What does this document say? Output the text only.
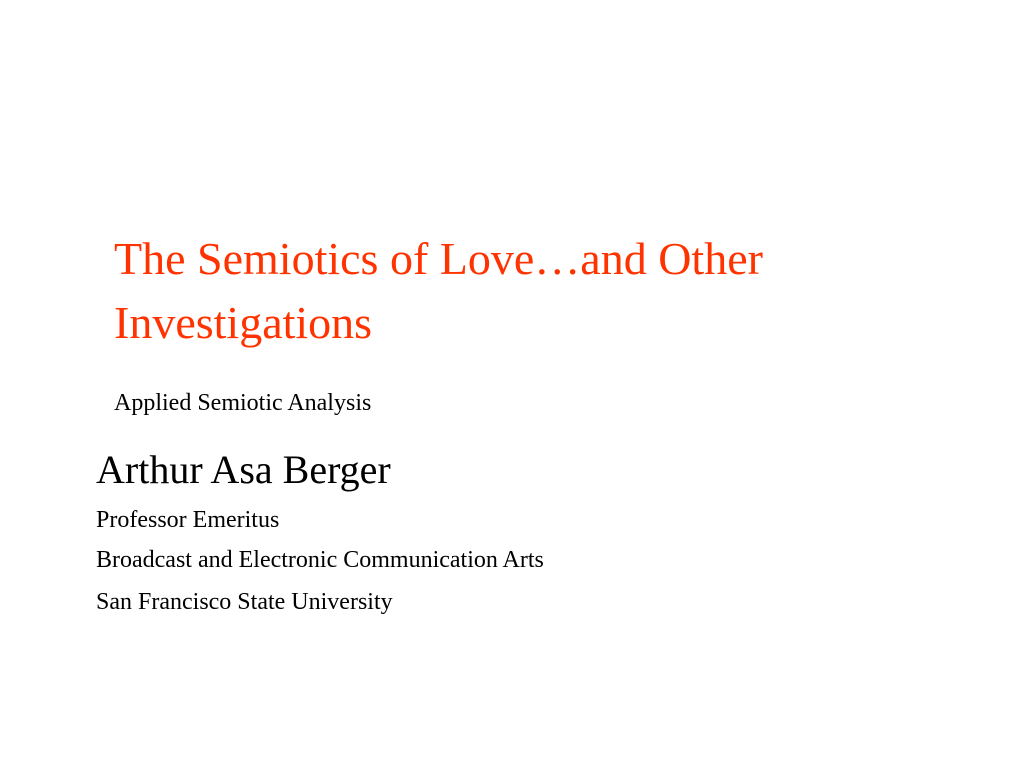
The Semiotics of Love…and Other
Investigations
Applied Semiotic Analysis
Arthur Asa Berger
Professor Emeritus
Broadcast and Electronic Communication Arts
San Francisco State University
